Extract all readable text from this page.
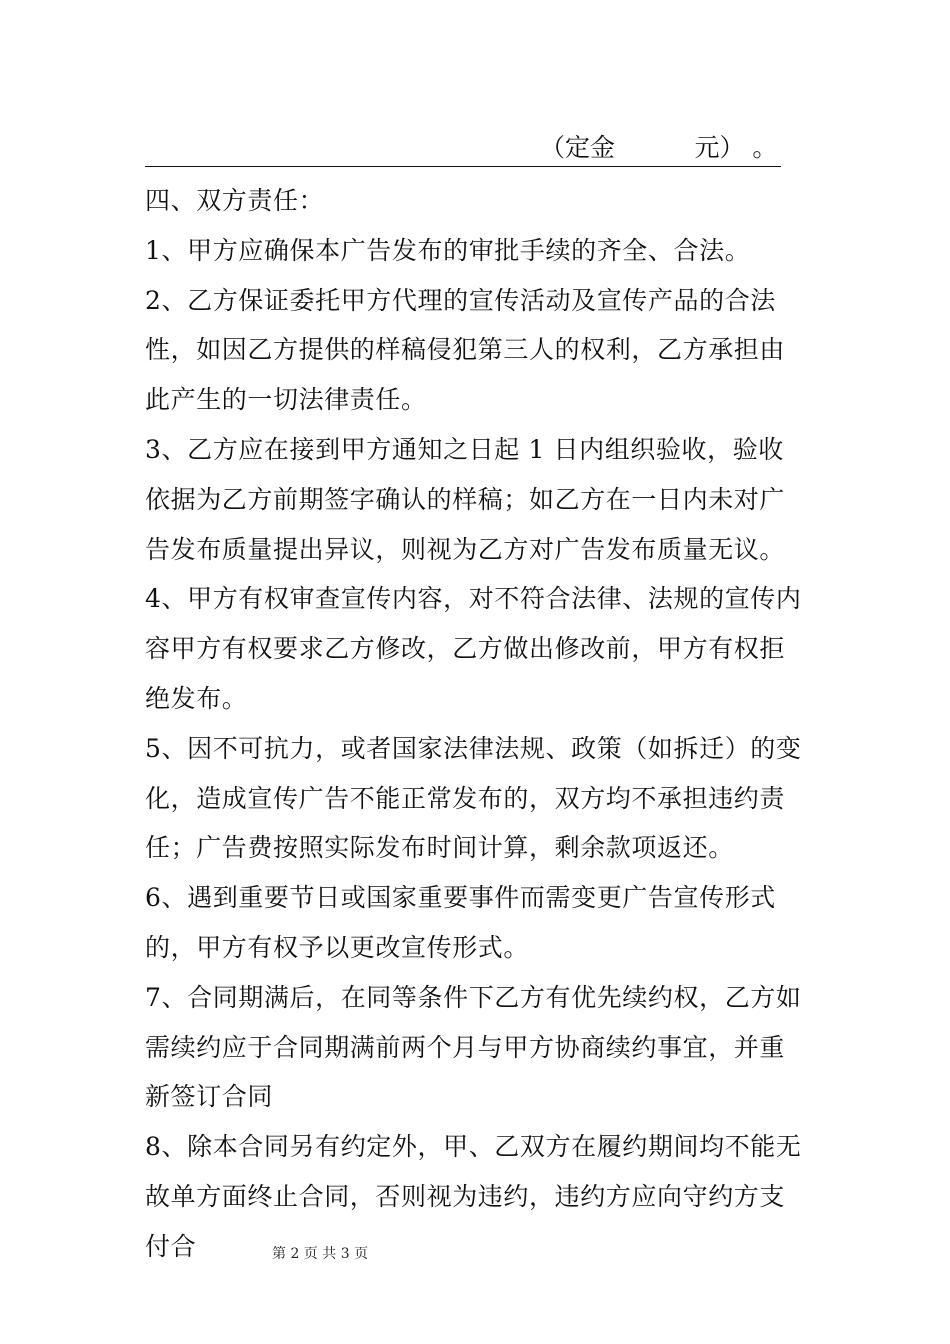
（定金          元） 。

四、双方责任：

1、甲方应确保本广告发布的审批手续的齐全、合法。

2、乙方保证委托甲方代理的宣传活动及宣传产品的合法性，如因乙方提供的样稿侵犯第三人的权利，乙方承担由此产生的一切法律责任。

3、乙方应在接到甲方通知之日起 1 日内组织验收，验收依据为乙方前期签字确认的样稿；如乙方在一日内未对广告发布质量提出异议，则视为乙方对广告发布质量无议。

4、甲方有权审查宣传内容，对不符合法律、法规的宣传内容甲方有权要求乙方修改，乙方做出修改前，甲方有权拒绝发布。

5、因不可抗力，或者国家法律法规、政策（如拆迁）的变化，造成宣传广告不能正常发布的，双方均不承担违约责任；广告费按照实际发布时间计算，剩余款项返还。

6、遇到重要节日或国家重要事件而需变更广告宣传形式的，甲方有权予以更改宣传形式。

7、合同期满后，在同等条件下乙方有优先续约权，乙方如需续约应于合同期满前两个月与甲方协商续约事宜，并重新签订合同

8、除本合同另有约定外，甲、乙双方在履约期间均不能无故单方面终止合同，否则视为违约，违约方应向守约方支付合	第 2 页 共 3 页
